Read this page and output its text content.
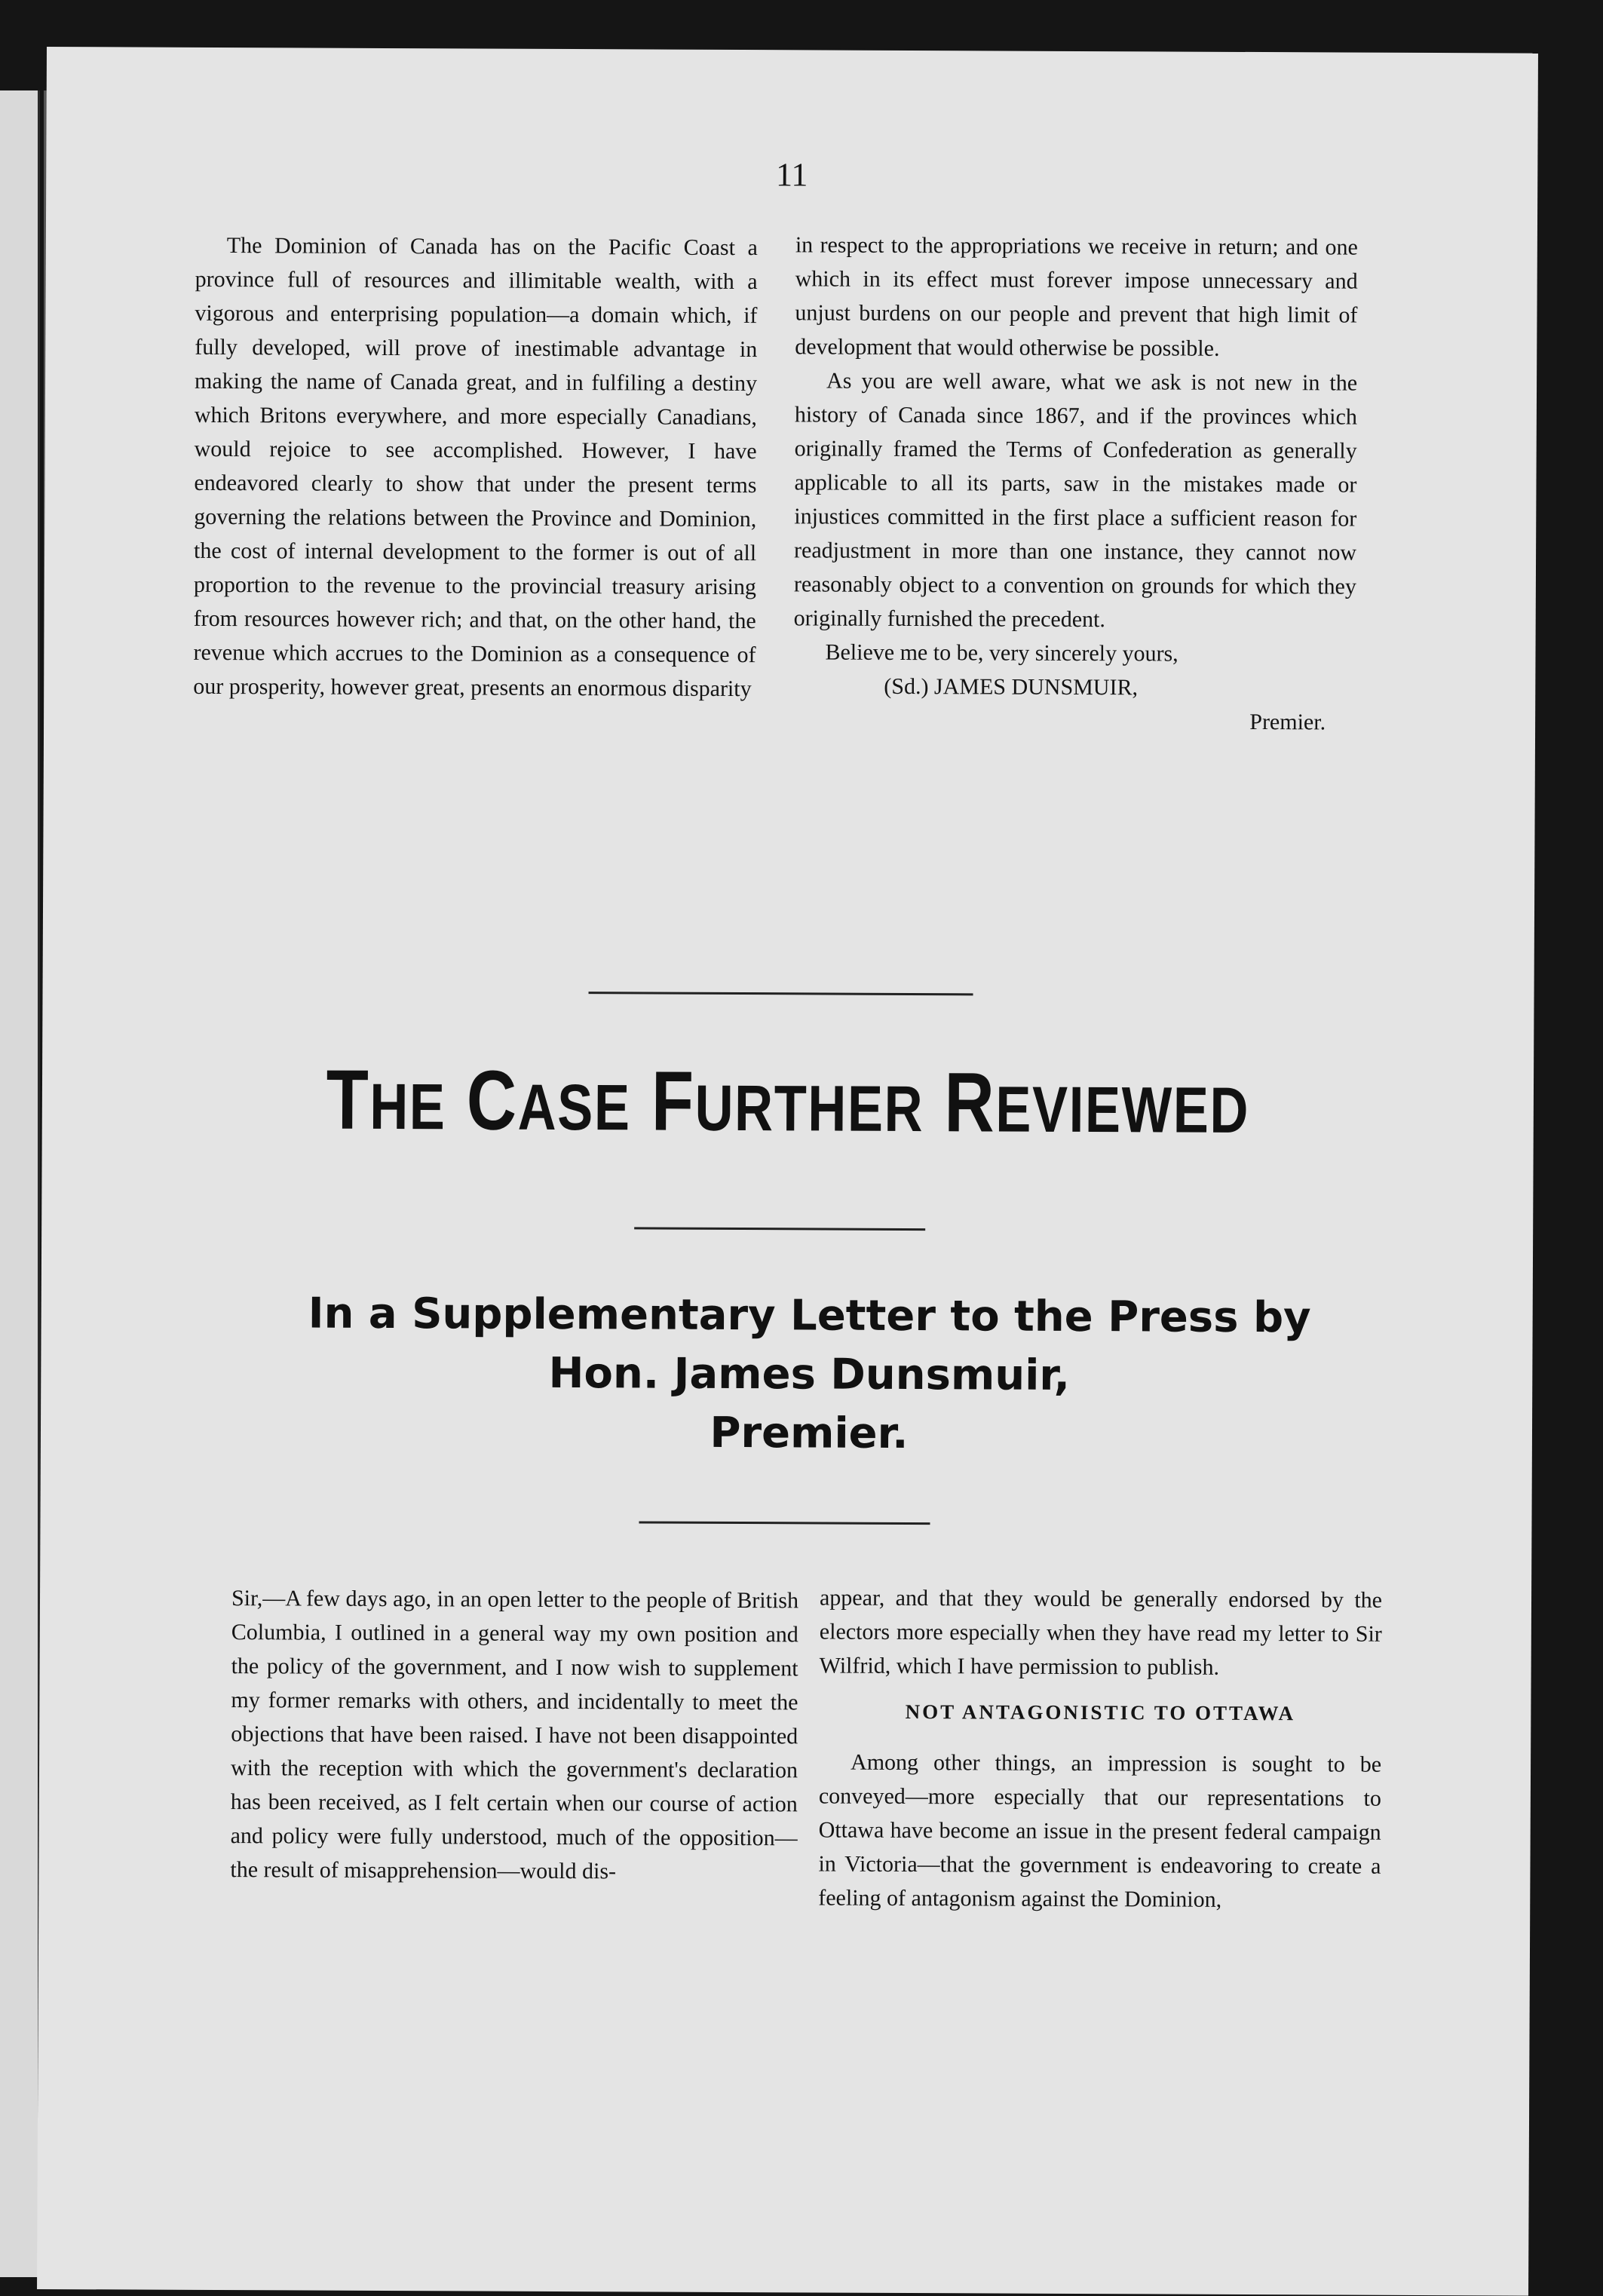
11

The Dominion of Canada has on the Pacific Coast a province full of resources and illimitable wealth, with a vigorous and enterprising population—a domain which, if fully developed, will prove of inestimable advantage in making the name of Canada great, and in fulfiling a destiny which Britons everywhere, and more especially Canadians, would rejoice to see accomplished. However, I have endeavored clearly to show that under the present terms governing the relations between the Province and Dominion, the cost of internal development to the former is out of all proportion to the revenue to the provincial treasury arising from resources however rich; and that, on the other hand, the revenue which accrues to the Dominion as a consequence of our prosperity, however great, presents an enormous disparity

in respect to the appropriations we receive in return; and one which in its effect must forever impose unnecessary and unjust burdens on our people and prevent that high limit of development that would otherwise be possible.

As you are well aware, what we ask is not new in the history of Canada since 1867, and if the provinces which originally framed the Terms of Confederation as generally applicable to all its parts, saw in the mistakes made or injustices committed in the first place a sufficient reason for readjustment in more than one instance, they cannot now reasonably object to a convention on grounds for which they originally furnished the precedent.

Believe me to be, very sincerely yours,

(Sd.) JAMES DUNSMUIR,

Premier.

THE CASE FURTHER REVIEWED
In a Supplementary Letter to the Press by
Hon. James Dunsmuir,
Premier.

Sir,—A few days ago, in an open letter to the people of British Columbia, I outlined in a general way my own position and the policy of the government, and I now wish to supplement my former remarks with others, and incidentally to meet the objections that have been raised. I have not been disappointed with the reception with which the government's declaration has been received, as I felt certain when our course of action and policy were fully understood, much of the opposition—the result of misapprehension—would dis-

appear, and that they would be generally endorsed by the electors more especially when they have read my letter to Sir Wilfrid, which I have permission to publish.

NOT ANTAGONISTIC TO OTTAWA

Among other things, an impression is sought to be conveyed—more especially that our representations to Ottawa have become an issue in the present federal campaign in Victoria—that the government is endeavoring to create a feeling of antagonism against the Dominion,
